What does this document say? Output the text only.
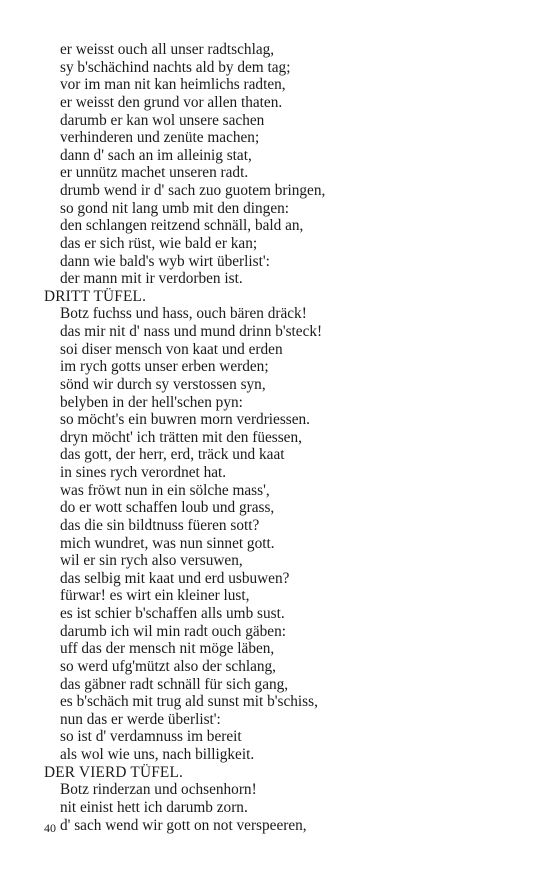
er weisst ouch all unser radtschlag,
sy b'schächind nachts ald by dem tag;
vor im man nit kan heimlichs radten,
er weisst den grund vor allen thaten.
darumb er kan wol unsere sachen
verhinderen und zenüte machen;
dann d' sach an im alleinig stat,
er unnütz machet unseren radt.
drumb wend ir d' sach zuo guotem bringen,
so gond nit lang umb mit den dingen:
den schlangen reitzend schnäll, bald an,
das er sich rüst, wie bald er kan;
dann wie bald's wyb wirt überlist':
der mann mit ir verdorben ist.
DRITT TÜFEL.
Botz fuchss und hass, ouch bären dräck!
das mir nit d' nass und mund drinn b'steck!
soi diser mensch von kaat und erden
im rych gotts unser erben werden;
sönd wir durch sy verstossen syn,
belyben in der hell'schen pyn:
so möcht's ein buwren morn verdriessen.
dryn möcht' ich trätten mit den füessen,
das gott, der herr, erd, träck und kaat
in sines rych verordnet hat.
was fröwt nun in ein sölche mass',
do er wott schaffen loub und grass,
das die sin bildtnuss füeren sott?
mich wundret, was nun sinnet gott.
wil er sin rych also versuwen,
das selbig mit kaat und erd usbuwen?
fürwar! es wirt ein kleiner lust,
es ist schier b'schaffen alls umb sust.
darumb ich wil min radt ouch gäben:
uff das der mensch nit möge läben,
so werd ufg'mützt also der schlang,
das gäbner radt schnäll für sich gang,
es b'schäch mit trug ald sunst mit b'schiss,
nun das er werde überlist':
so ist d' verdamnuss im bereit
als wol wie uns, nach billigkeit.
DER VIERD TÜFEL.
Botz rinderzan und ochsenhorn!
nit einist hett ich darumb zorn.
d' sach wend wir gott on not verspeeren,
40
